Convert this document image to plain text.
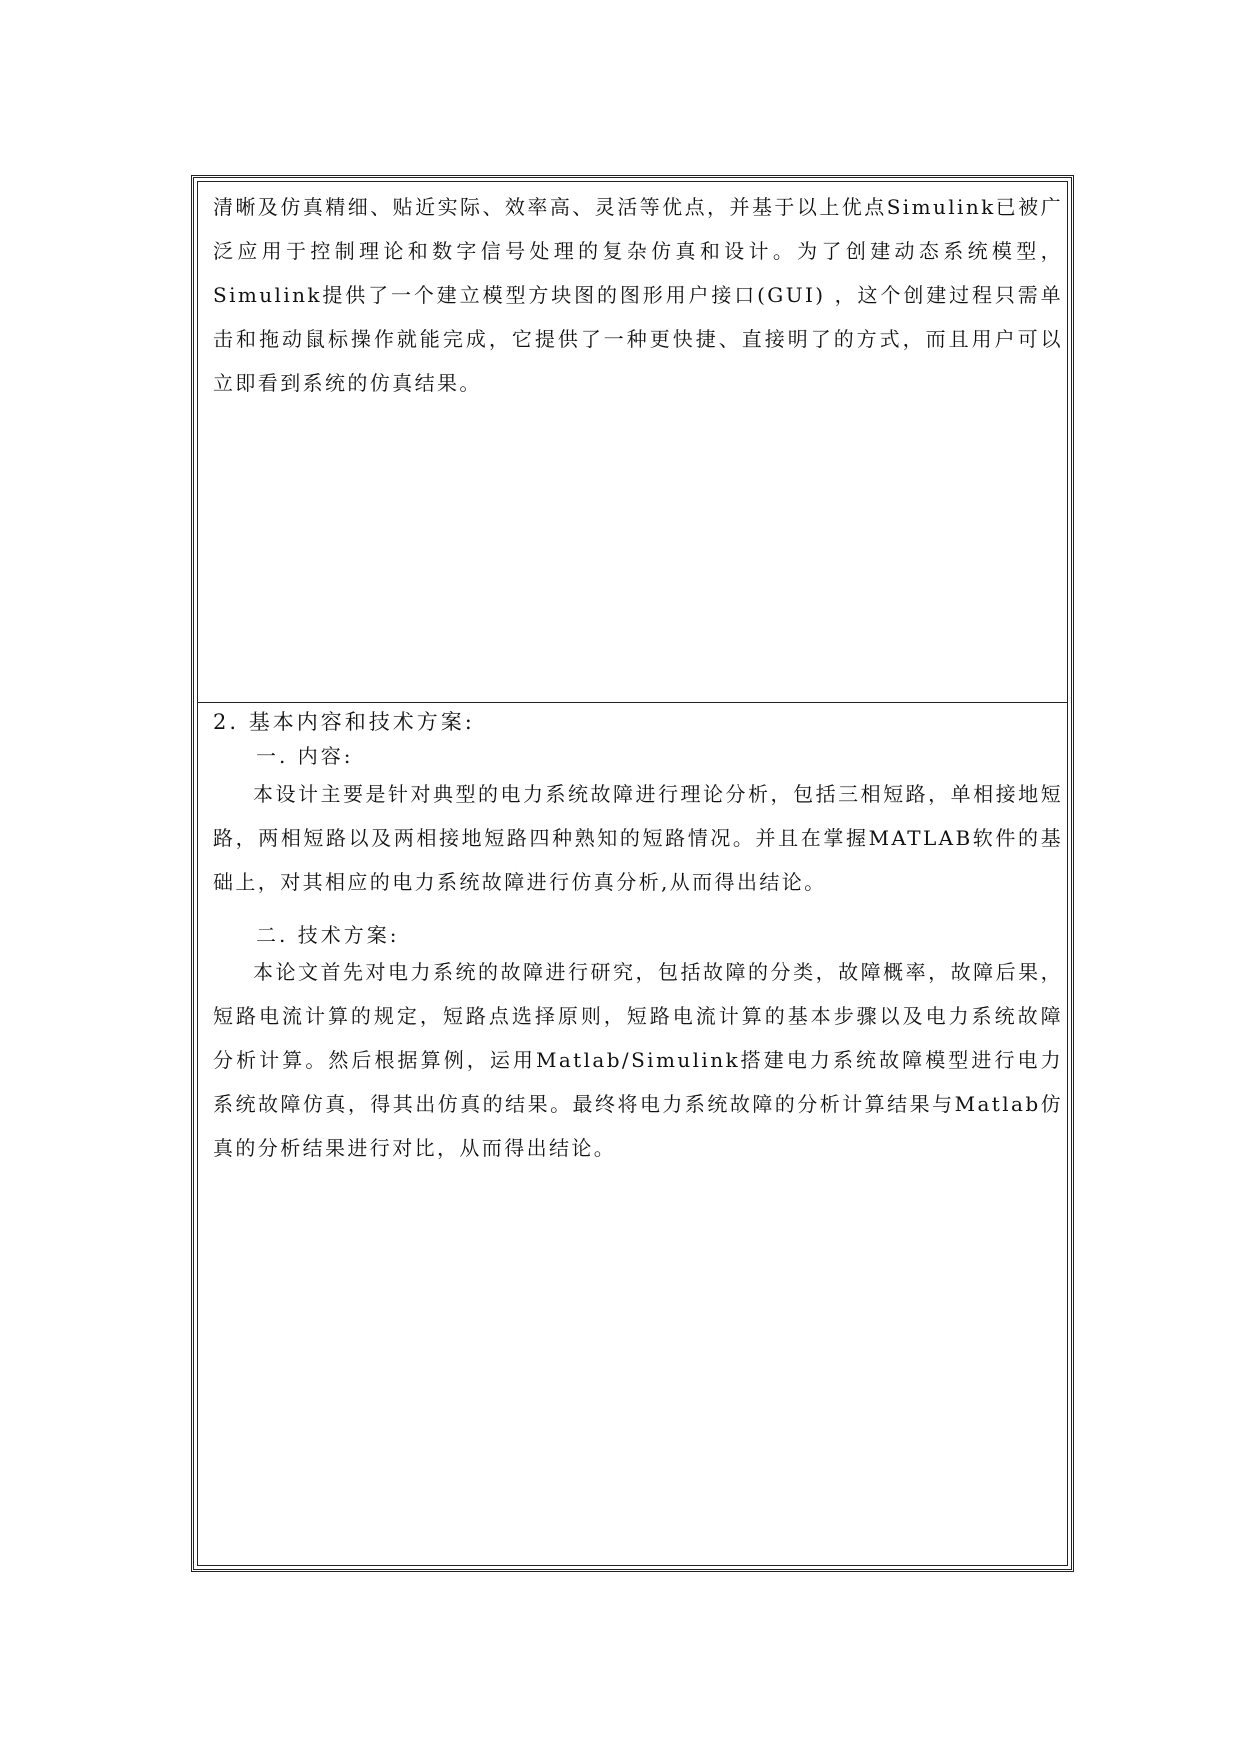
清晰及仿真精细、贴近实际、效率高、灵活等优点，并基于以上优点Simulink已被广泛应用于控制理论和数字信号处理的复杂仿真和设计。为了创建动态系统模型，Simulink提供了一个建立模型方块图的图形用户接口(GUI) ，这个创建过程只需单击和拖动鼠标操作就能完成，它提供了一种更快捷、直接明了的方式，而且用户可以立即看到系统的仿真结果。
2. 基本内容和技术方案:
一. 内容:
本设计主要是针对典型的电力系统故障进行理论分析，包括三相短路，单相接地短路，两相短路以及两相接地短路四种熟知的短路情况。并且在掌握MATLAB软件的基础上，对其相应的电力系统故障进行仿真分析,从而得出结论。
二. 技术方案:
本论文首先对电力系统的故障进行研究，包括故障的分类，故障概率，故障后果，短路电流计算的规定，短路点选择原则，短路电流计算的基本步骤以及电力系统故障分析计算。然后根据算例，运用Matlab/Simulink搭建电力系统故障模型进行电力系统故障仿真，得其出仿真的结果。最终将电力系统故障的分析计算结果与Matlab仿真的分析结果进行对比，从而得出结论。
